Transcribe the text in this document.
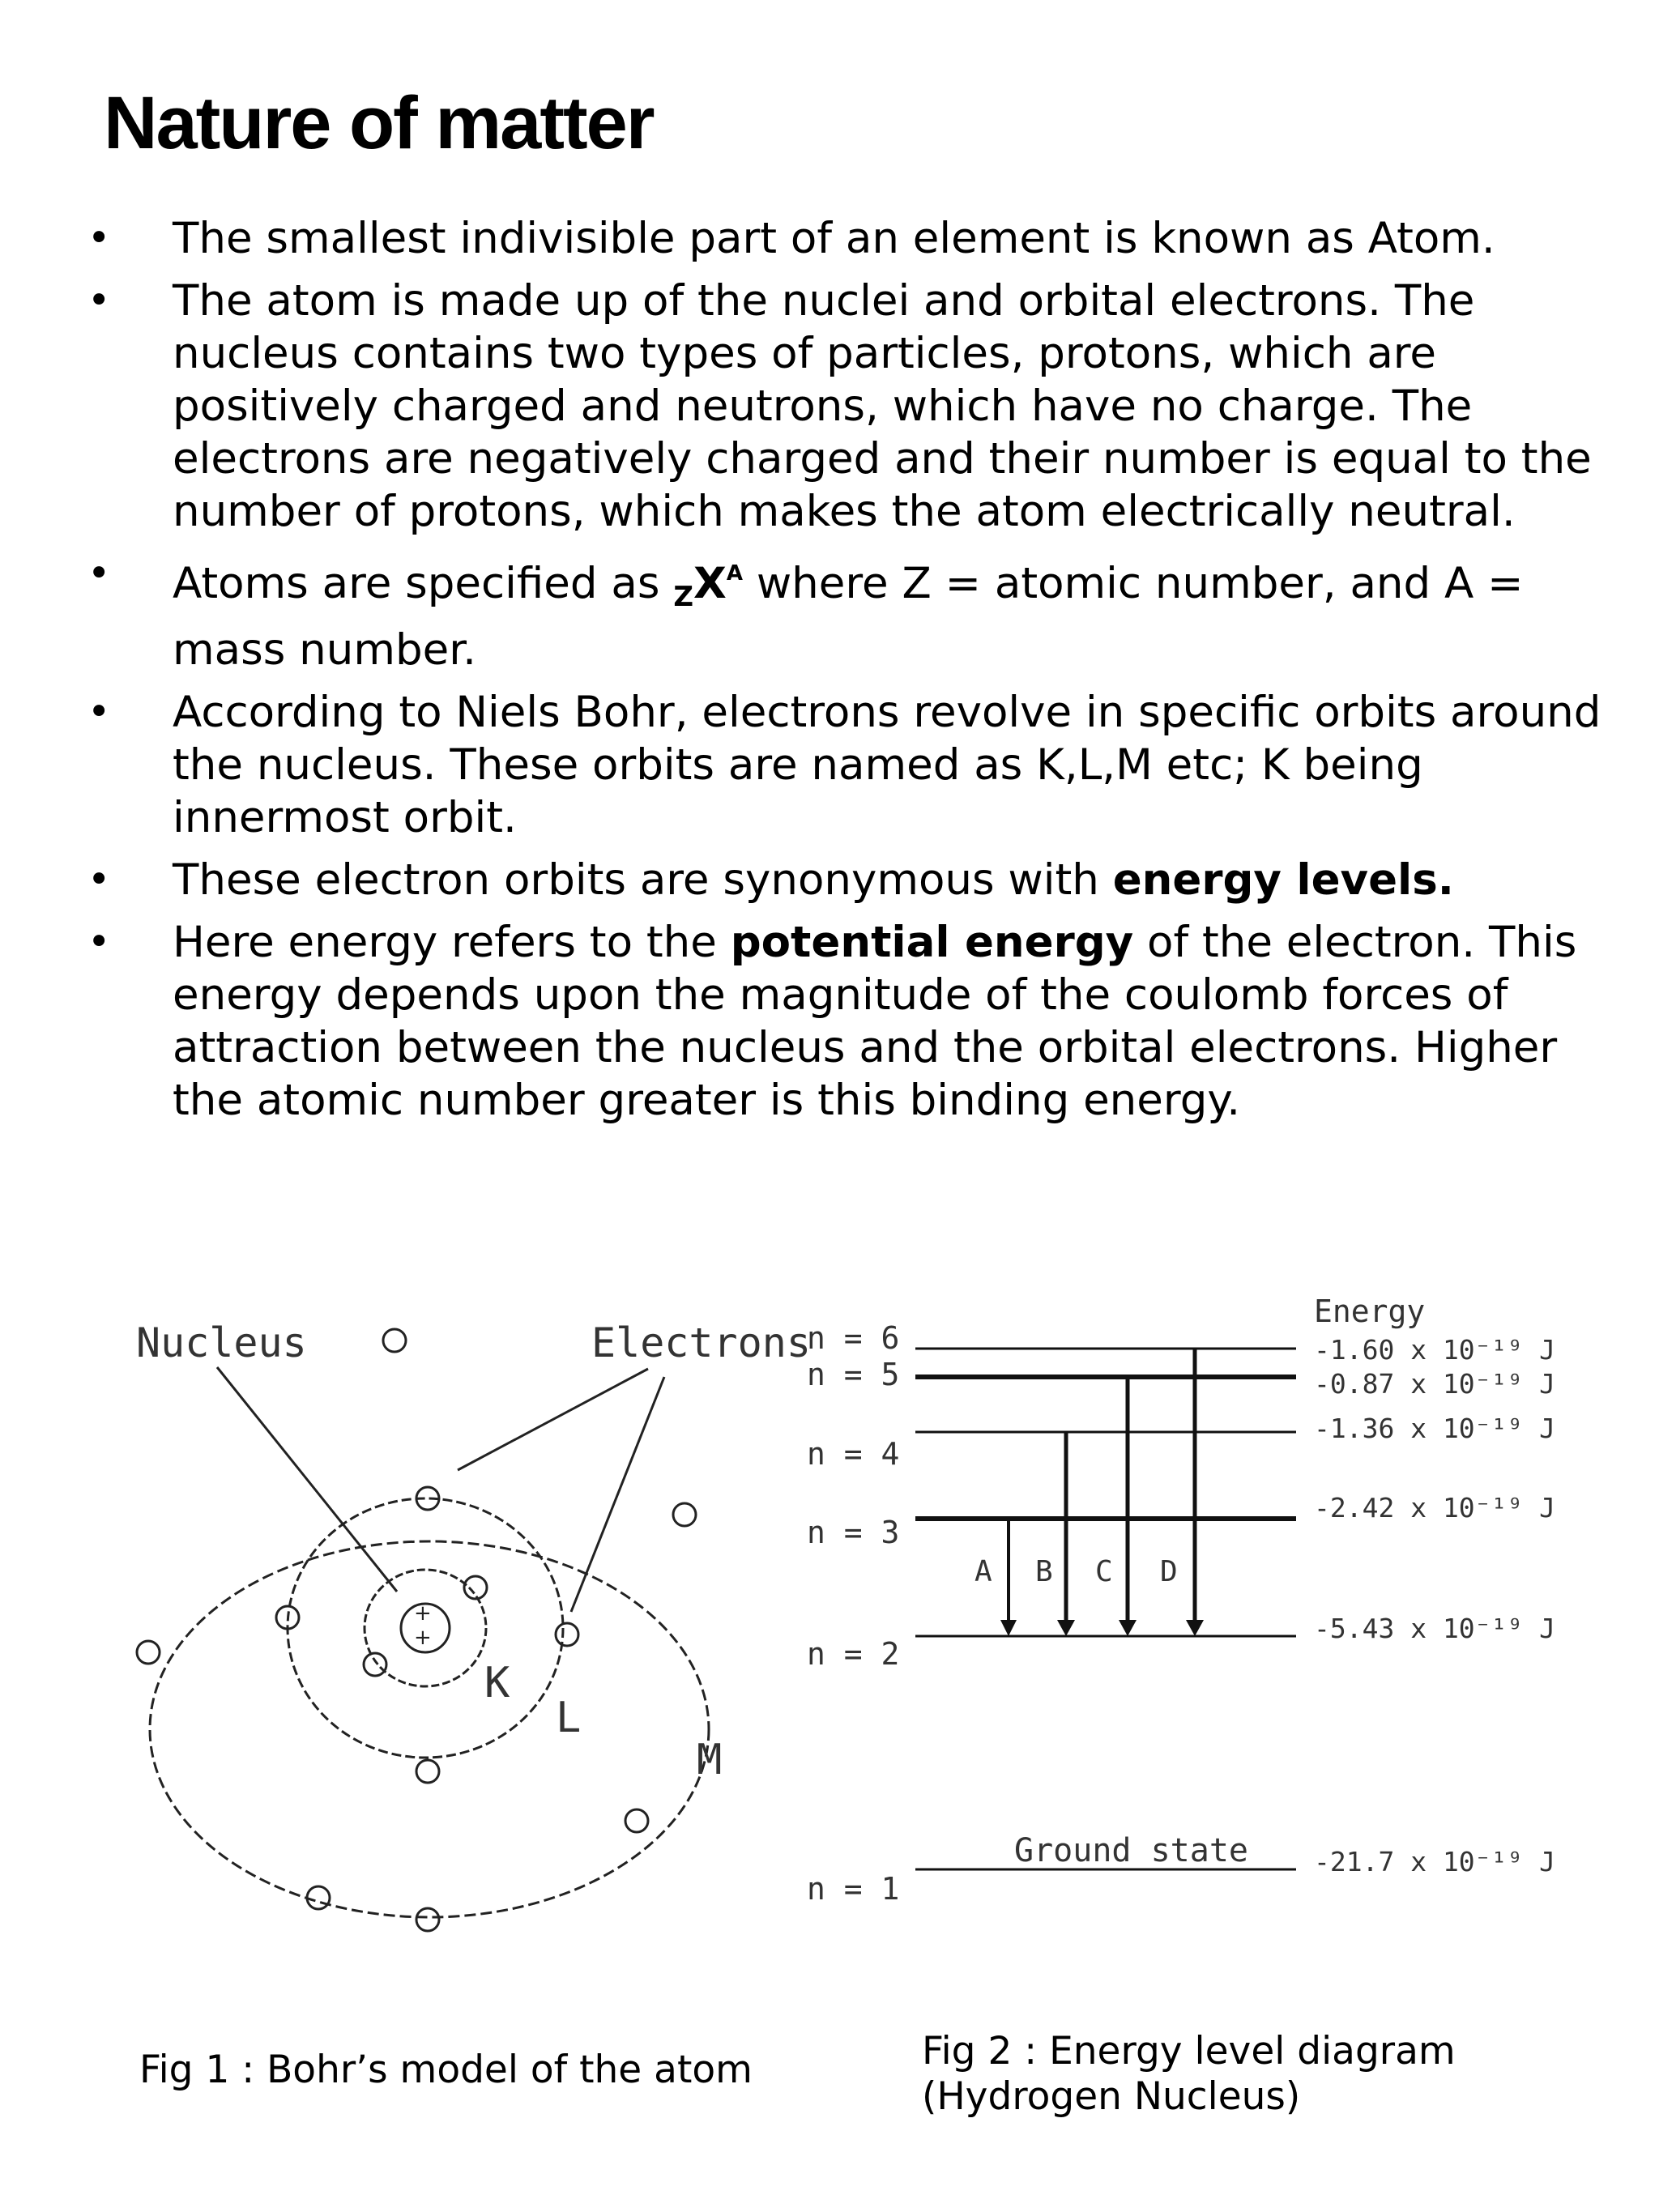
Nature of matter
• The smallest indivisible part of an element is known as Atom.
• The atom is made up of the nuclei and orbital electrons. The nucleus contains two types of particles, protons, which are positively charged and neutrons, which have no charge. The electrons are negatively charged and their number is equal to the number of protons, which makes the atom electrically neutral.
• Atoms are specified as $_ZX^A$ where Z = atomic number, and A = mass number.
• According to Niels Bohr, electrons revolve in specific orbits around the nucleus. These orbits are named as K,L,M etc; K being innermost orbit.
• These electron orbits are synonymous with energy levels.
• Here energy refers to the potential energy of the electron. This energy depends upon the magnitude of the coulomb forces of attraction between the nucleus and the orbital electrons. Higher the atomic number greater is this binding energy.
+
+
Nucleus	Electrons
K
L
M
Energy
n = 6
n = 5
n = 4
n = 3
n = 2
n = 1
-1.60 x 10⁻¹⁹ J
-0.87 x 10⁻¹⁹ J
-1.36 x 10⁻¹⁹ J
-2.42 x 10⁻¹⁹ J
-5.43 x 10⁻¹⁹ J
-21.7 x 10⁻¹⁹ J
A B C D
Ground state
Fig 1 : Bohr’s model of the atom	Fig 2 : Energy level diagram
(Hydrogen Nucleus)
